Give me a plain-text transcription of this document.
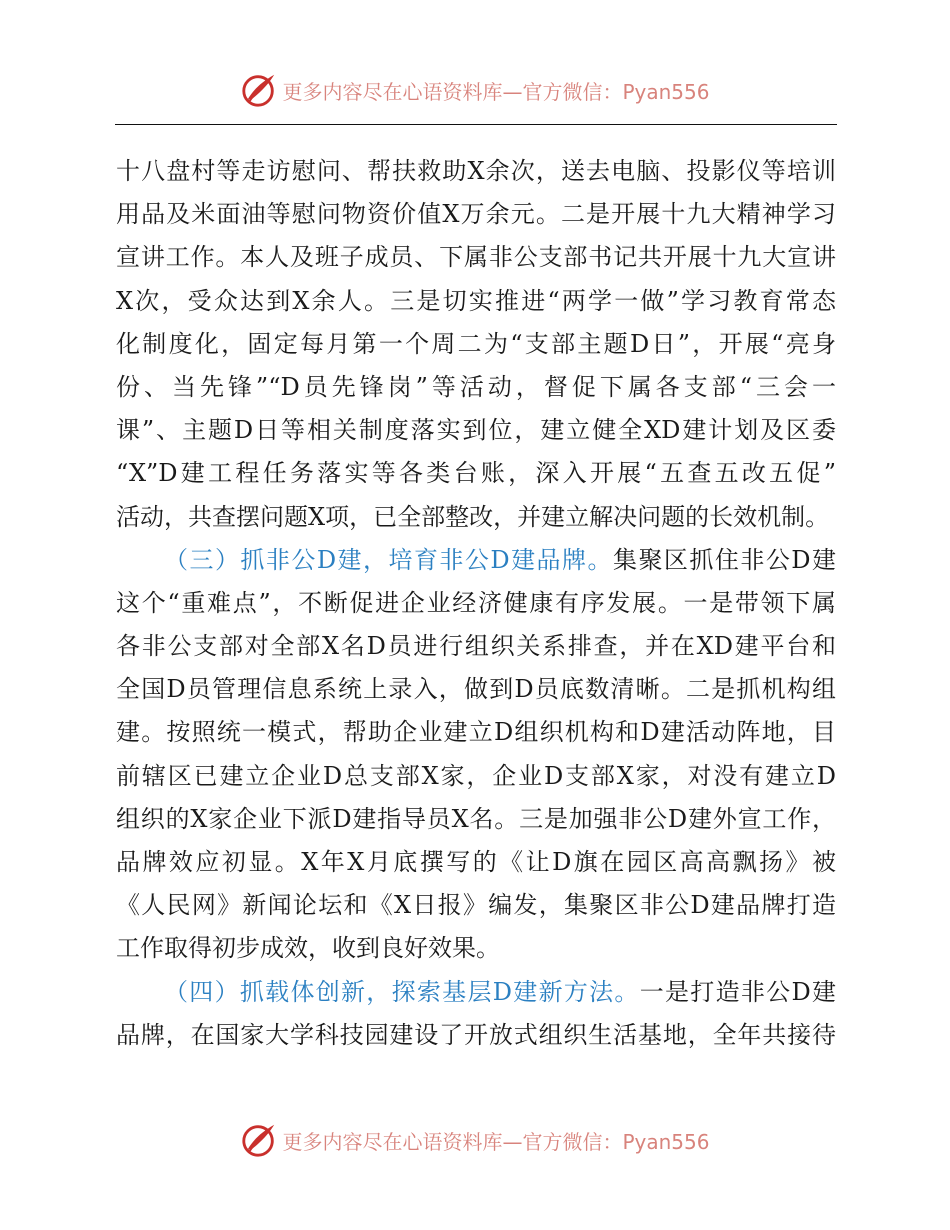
更多内容尽在心语资料库—官方微信：Pyan556
十八盘村等走访慰问、帮扶救助X余次，送去电脑、投影仪等培训
用品及米面油等慰问物资价值X万余元。二是开展十九大精神学习
宣讲工作。本人及班子成员、下属非公支部书记共开展十九大宣讲
X次，受众达到X余人。三是切实推进“两学一做”学习教育常态
化制度化，固定每月第一个周二为“支部主题D日”，开展“亮身
份、当先锋”“D员先锋岗”等活动，督促下属各支部“三会一
课”、主题D日等相关制度落实到位，建立健全XD建计划及区委
“X”D建工程任务落实等各类台账，深入开展“五查五改五促”
活动，共查摆问题X项，已全部整改，并建立解决问题的长效机制。
（三）抓非公D建，培育非公D建品牌。集聚区抓住非公D建
这个“重难点”，不断促进企业经济健康有序发展。一是带领下属
各非公支部对全部X名D员进行组织关系排查，并在XD建平台和
全国D员管理信息系统上录入，做到D员底数清晰。二是抓机构组
建。按照统一模式，帮助企业建立D组织机构和D建活动阵地，目
前辖区已建立企业D总支部X家，企业D支部X家，对没有建立D
组织的X家企业下派D建指导员X名。三是加强非公D建外宣工作，
品牌效应初显。X年X月底撰写的《让D旗在园区高高飘扬》被
《人民网》新闻论坛和《X日报》编发，集聚区非公D建品牌打造
工作取得初步成效，收到良好效果。
（四）抓载体创新，探索基层D建新方法。一是打造非公D建
品牌，在国家大学科技园建设了开放式组织生活基地，全年共接待
更多内容尽在心语资料库—官方微信：Pyan556
